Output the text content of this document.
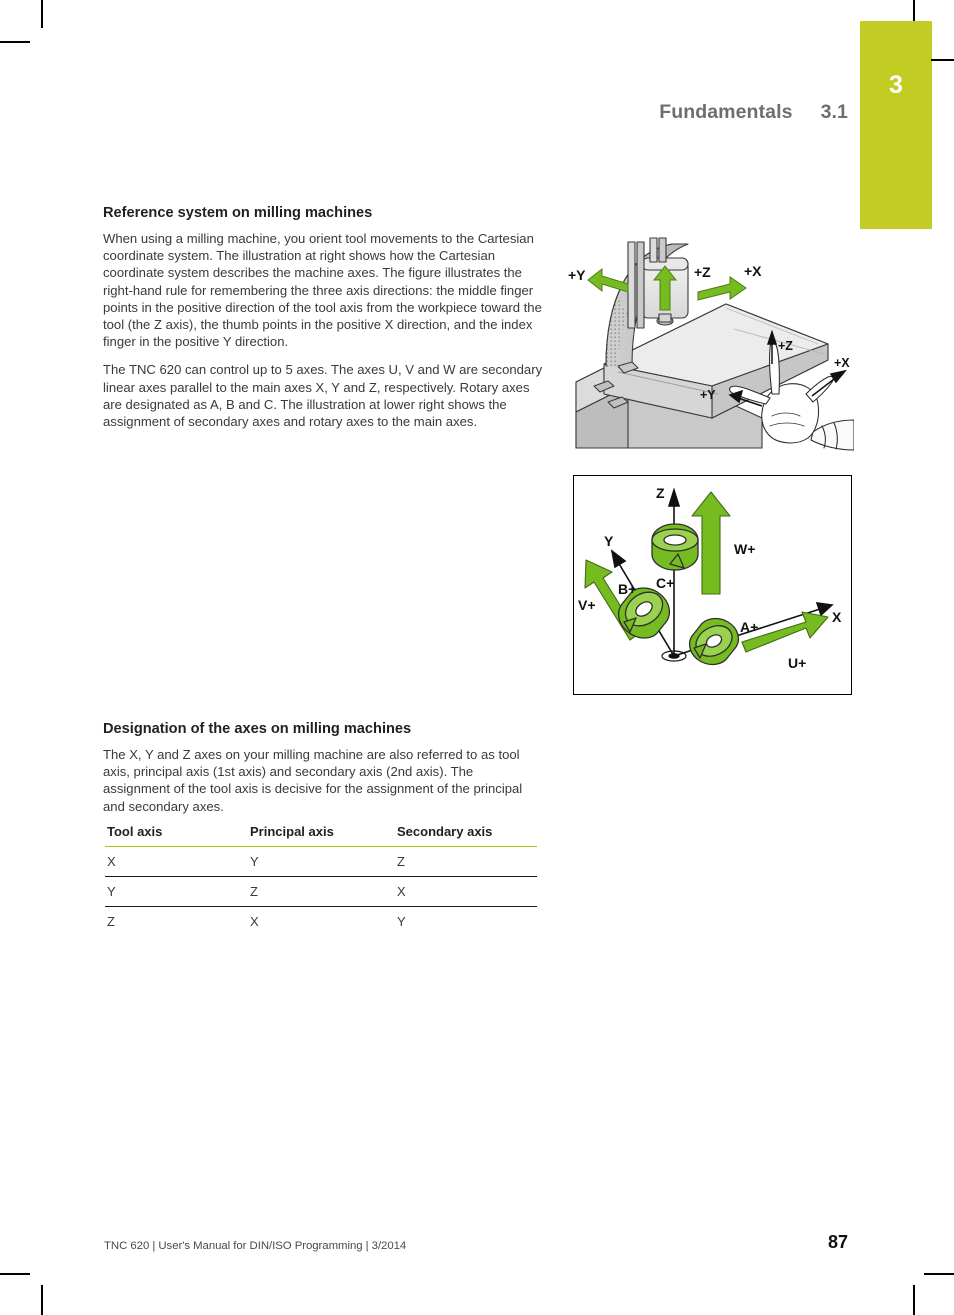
3
Fundamentals 3.1
Reference system on milling machines

When using a milling machine, you orient tool movements to the Cartesian coordinate system. The illustration at right shows how the Cartesian coordinate system describes the machine axes. The figure illustrates the right-hand rule for remembering the three axis directions: the middle finger points in the positive direction of the tool axis from the workpiece toward the tool (the Z axis), the thumb points in the positive X direction, and the index finger in the positive Y direction.

The TNC 620 can control up to 5 axes. The axes U, V and W are secondary linear axes parallel to the main axes X, Y and Z, respectively. Rotary axes are designated as A, B and C. The illustration at lower right shows the assignment of secondary axes and rotary axes to the main axes.

Designation of the axes on milling machines

The X, Y and Z axes on your milling machine are also referred to as tool axis, principal axis (1st axis) and secondary axis (2nd axis). The assignment of the tool axis is decisive for the assignment of the principal and secondary axes.

Tool axis	Principal axis	Secondary axis
X	Y	Z
Y	Z	X
Z	X	Y
+Y	+Z +X
+Z
+X
+Y
Z
Y
X
W+
V+
U+
C+
B+
A+
TNC 620 | User's Manual for DIN/ISO Programming | 3/2014	87
